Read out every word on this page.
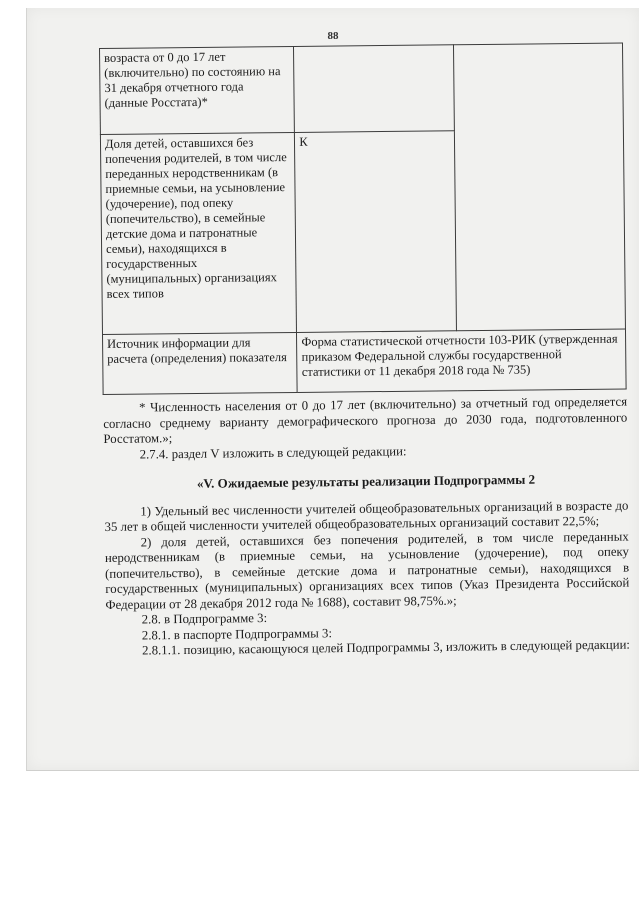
88
возраста от 0 до 17 лет (включительно) по состоянию на 31 декабря отчетного года (данные Росстата)*		
Доля детей, оставшихся без попечения родителей, в том числе переданных неродственникам (в приемные семьи, на усыновление (удочерение), под опеку (попечительство), в семейные детские дома и патронатные семьи), находящихся в государственных (муниципальных) организациях всех типов	К	
Источник информации для расчета (определения) показателя	Форма статистической отчетности 103-РИК (утвержденная приказом Федеральной службы государственной статистики от 11 декабря 2018 года № 735)	

* Численность населения от 0 до 17 лет (включительно) за отчетный год определяется согласно среднему варианту демографического прогноза до 2030 года, подготовленного Росстатом.»;

2.7.4. раздел V изложить в следующей редакции:

«V. Ожидаемые результаты реализации Подпрограммы 2

1) Удельный вес численности учителей общеобразовательных организаций в возрасте до 35 лет в общей численности учителей общеобразовательных организаций составит 22,5%;

2) доля детей, оставшихся без попечения родителей, в том числе переданных неродственникам (в приемные семьи, на усыновление (удочерение), под опеку (попечительство), в семейные детские дома и патронатные семьи), находящихся в государственных (муниципальных) организациях всех типов (Указ Президента Российской Федерации от 28 декабря 2012 года № 1688), составит 98,75%.»;

2.8. в Подпрограмме 3:

2.8.1. в паспорте Подпрограммы 3:

2.8.1.1. позицию, касающуюся целей Подпрограммы 3, изложить в следующей редакции:
